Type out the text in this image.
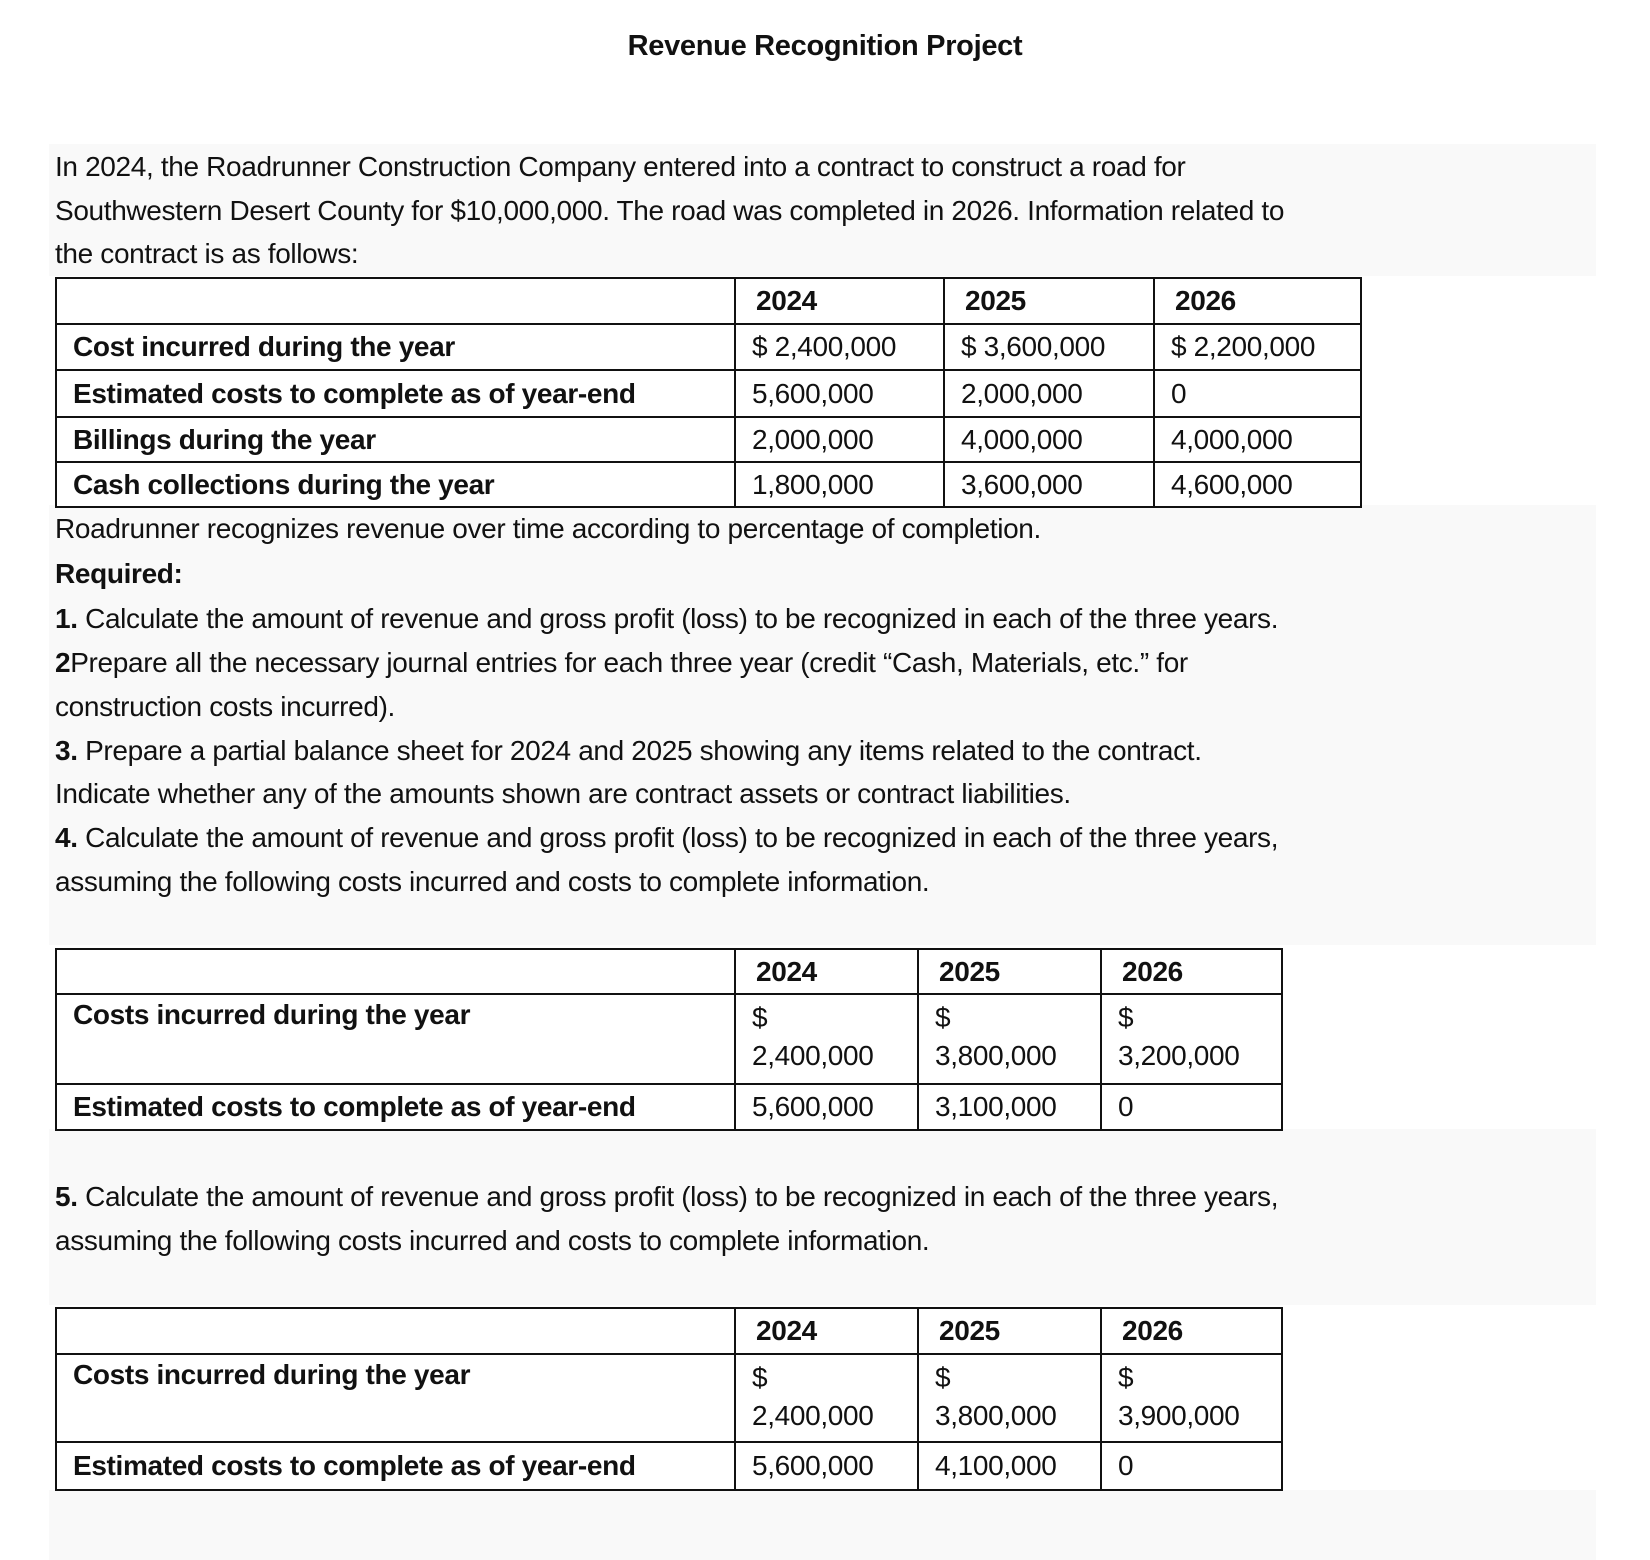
Revenue Recognition Project
In 2024, the Roadrunner Construction Company entered into a contract to construct a road for
Southwestern Desert County for $10,000,000. The road was completed in 2026. Information related to
the contract is as follows:
	2024	2025	2026
Cost incurred during the year	$ 2,400,000	$ 3,600,000	$ 2,200,000
Estimated costs to complete as of year-end	5,600,000	2,000,000	0
Billings during the year	2,000,000	4,000,000	4,000,000
Cash collections during the year	1,800,000	3,600,000	4,600,000
Roadrunner recognizes revenue over time according to percentage of completion.
Required:
1. Calculate the amount of revenue and gross profit (loss) to be recognized in each of the three years.
2Prepare all the necessary journal entries for each three year (credit “Cash, Materials, etc.” for
construction costs incurred).
3. Prepare a partial balance sheet for 2024 and 2025 showing any items related to the contract.
Indicate whether any of the amounts shown are contract assets or contract liabilities.
4. Calculate the amount of revenue and gross profit (loss) to be recognized in each of the three years,
assuming the following costs incurred and costs to complete information.
	2024	2025	2026
Costs incurred during the year	$
2,400,000	$
3,800,000	$
3,200,000

Estimated costs to complete as of year-end	5,600,000	3,100,000	0
5. Calculate the amount of revenue and gross profit (loss) to be recognized in each of the three years,
assuming the following costs incurred and costs to complete information.
	2024	2025	2026
Costs incurred during the year	$
2,400,000	$
3,800,000	$
3,900,000

Estimated costs to complete as of year-end	5,600,000	4,100,000	0
